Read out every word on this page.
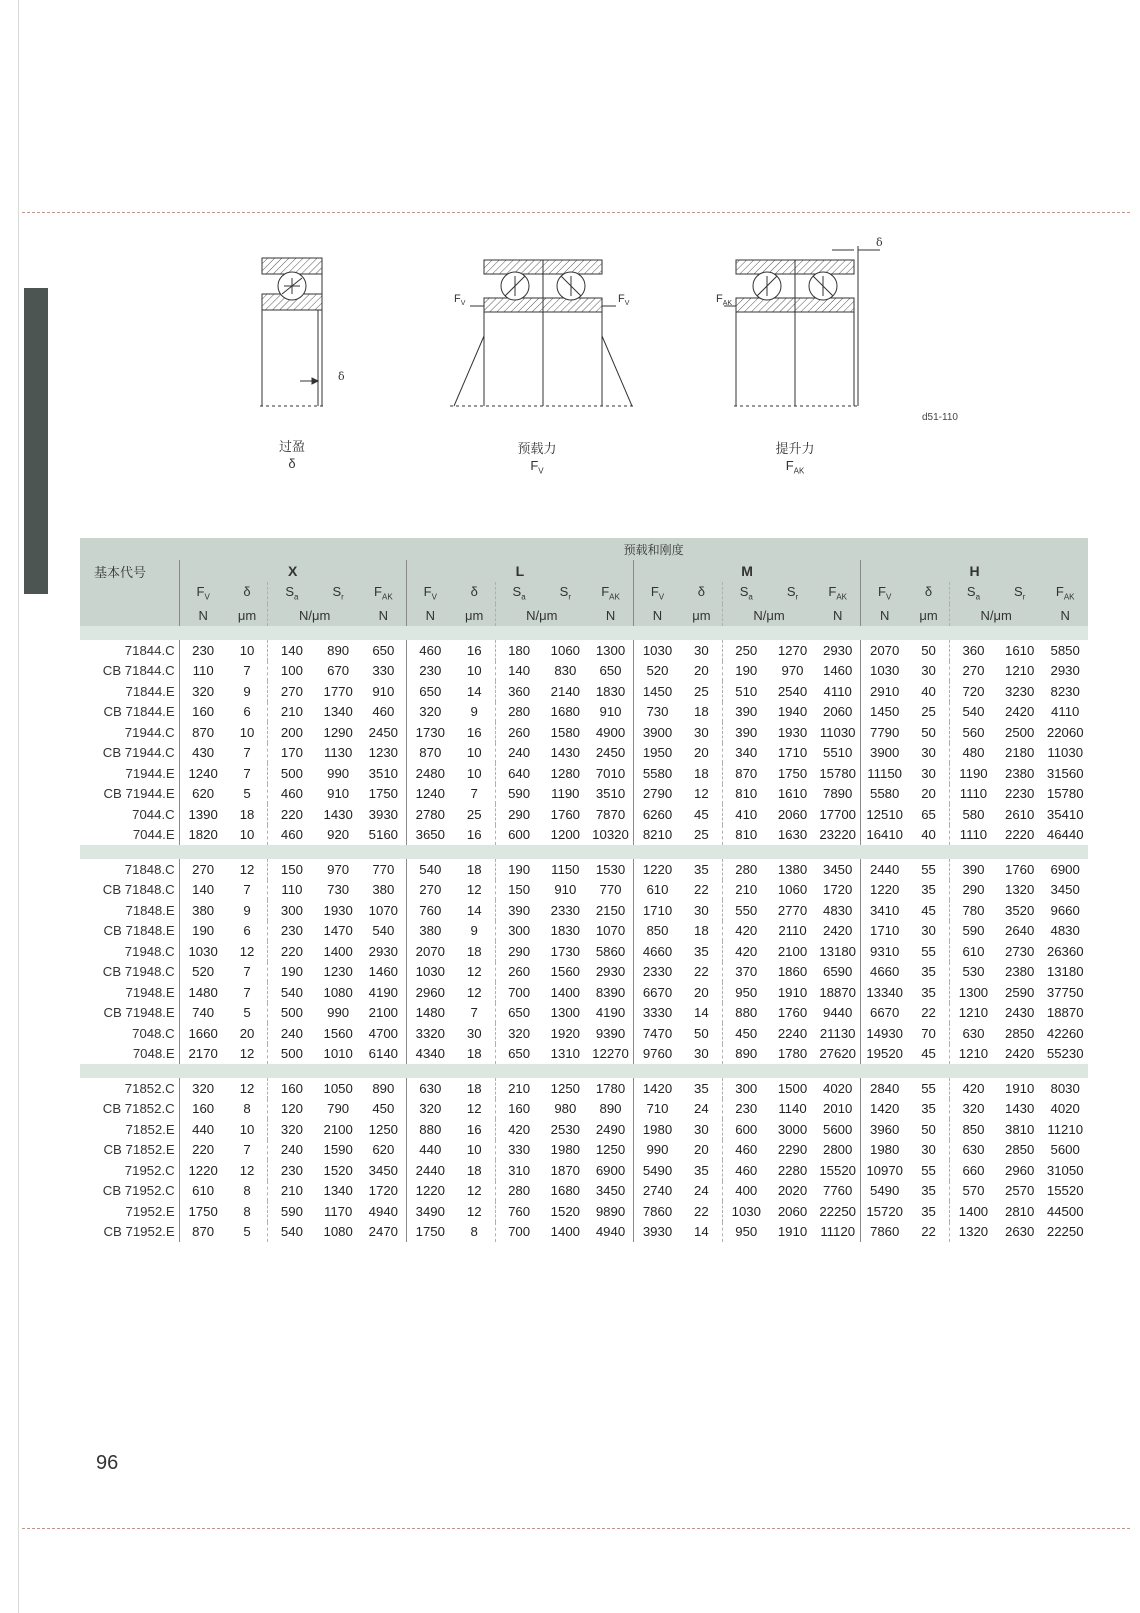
δ
$F_V$	$F_V$	$F_{AK}$
δ
d51-110
过盈
δ
预载力
$F_V$
提升力
$F_{AK}$
	预载和刚度																			
基本代号	X					L					M					H				
	$F_V$	δ	$S_a$	$S_r$	$F_{AK}$	$F_V$	δ	$S_a$	$S_r$	$F_{AK}$	$F_V$	δ	$S_a$	$S_r$	$F_{AK}$	$F_V$	δ	$S_a$	$S_r$	$F_{AK}$
	N	μm	N/μm		N	N	μm	N/μm		N	N	μm	N/μm		N	N	μm	N/μm		N

71844.C	230	10	140	890	650	460	16	180	1060	1300	1030	30	250	1270	2930	2070	50	360	1610	5850
CB 71844.C	110	7	100	670	330	230	10	140	830	650	520	20	190	970	1460	1030	30	270	1210	2930
71844.E	320	9	270	1770	910	650	14	360	2140	1830	1450	25	510	2540	4110	2910	40	720	3230	8230
CB 71844.E	160	6	210	1340	460	320	9	280	1680	910	730	18	390	1940	2060	1450	25	540	2420	4110
71944.C	870	10	200	1290	2450	1730	16	260	1580	4900	3900	30	390	1930	11030	7790	50	560	2500	22060
CB 71944.C	430	7	170	1130	1230	870	10	240	1430	2450	1950	20	340	1710	5510	3900	30	480	2180	11030
71944.E	1240	7	500	990	3510	2480	10	640	1280	7010	5580	18	870	1750	15780	11150	30	1190	2380	31560
CB 71944.E	620	5	460	910	1750	1240	7	590	1190	3510	2790	12	810	1610	7890	5580	20	1110	2230	15780
7044.C	1390	18	220	1430	3930	2780	25	290	1760	7870	6260	45	410	2060	17700	12510	65	580	2610	35410
7044.E	1820	10	460	920	5160	3650	16	600	1200	10320	8210	25	810	1630	23220	16410	40	1110	2220	46440

71848.C	270	12	150	970	770	540	18	190	1150	1530	1220	35	280	1380	3450	2440	55	390	1760	6900
CB 71848.C	140	7	110	730	380	270	12	150	910	770	610	22	210	1060	1720	1220	35	290	1320	3450
71848.E	380	9	300	1930	1070	760	14	390	2330	2150	1710	30	550	2770	4830	3410	45	780	3520	9660
CB 71848.E	190	6	230	1470	540	380	9	300	1830	1070	850	18	420	2110	2420	1710	30	590	2640	4830
71948.C	1030	12	220	1400	2930	2070	18	290	1730	5860	4660	35	420	2100	13180	9310	55	610	2730	26360
CB 71948.C	520	7	190	1230	1460	1030	12	260	1560	2930	2330	22	370	1860	6590	4660	35	530	2380	13180
71948.E	1480	7	540	1080	4190	2960	12	700	1400	8390	6670	20	950	1910	18870	13340	35	1300	2590	37750
CB 71948.E	740	5	500	990	2100	1480	7	650	1300	4190	3330	14	880	1760	9440	6670	22	1210	2430	18870
7048.C	1660	20	240	1560	4700	3320	30	320	1920	9390	7470	50	450	2240	21130	14930	70	630	2850	42260
7048.E	2170	12	500	1010	6140	4340	18	650	1310	12270	9760	30	890	1780	27620	19520	45	1210	2420	55230

71852.C	320	12	160	1050	890	630	18	210	1250	1780	1420	35	300	1500	4020	2840	55	420	1910	8030
CB 71852.C	160	8	120	790	450	320	12	160	980	890	710	24	230	1140	2010	1420	35	320	1430	4020
71852.E	440	10	320	2100	1250	880	16	420	2530	2490	1980	30	600	3000	5600	3960	50	850	3810	11210
CB 71852.E	220	7	240	1590	620	440	10	330	1980	1250	990	20	460	2290	2800	1980	30	630	2850	5600
71952.C	1220	12	230	1520	3450	2440	18	310	1870	6900	5490	35	460	2280	15520	10970	55	660	2960	31050
CB 71952.C	610	8	210	1340	1720	1220	12	280	1680	3450	2740	24	400	2020	7760	5490	35	570	2570	15520
71952.E	1750	8	590	1170	4940	3490	12	760	1520	9890	7860	22	1030	2060	22250	15720	35	1400	2810	44500
CB 71952.E	870	5	540	1080	2470	1750	8	700	1400	4940	3930	14	950	1910	11120	7860	22	1320	2630	22250
96
